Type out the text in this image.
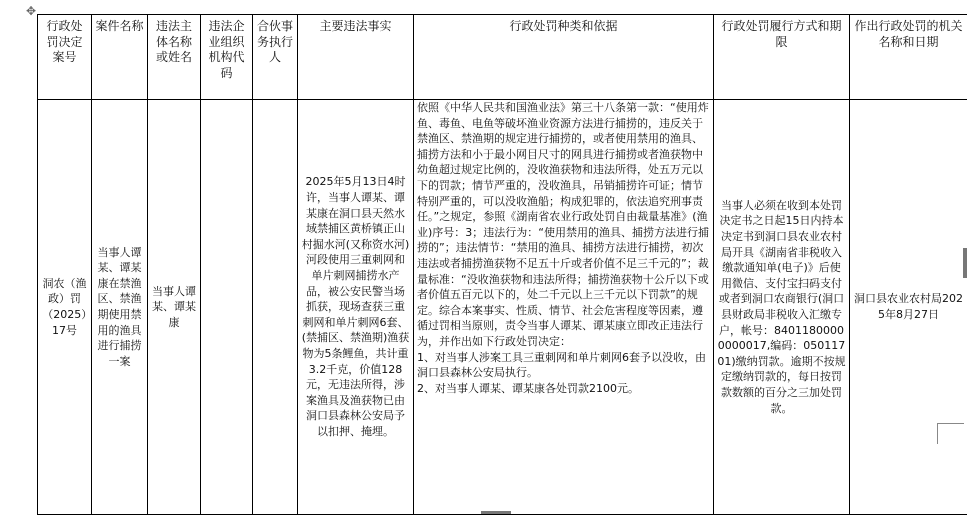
✥
行政处罚决定案号	案件名称	违法主体名称或姓名	违法企业组织机构代码	合伙事务执行人	主要违法事实	行政处罚种类和依据	行政处罚履行方式和期限	作出行政处罚的机关名称和日期
洞农（渔政）罚（2025）17号	当事人谭某、谭某康在禁渔区、禁渔期使用禁用的渔具进行捕捞一案	当事人谭某、谭某康			2025年5月13日4时许，当事人谭某、谭某康在洞口县天然水域禁捕区黄桥镇正山村掘水河(又称资水河)河段使用三重刺网和单片刺网捕捞水产品，被公安民警当场抓获，现场查获三重刺网和单片刺网6套、(禁捕区、禁渔期)渔获物为5条鲤鱼，共计重3.2千克，价值128元，无违法所得，涉案渔具及渔获物已由洞口县森林公安局予以扣押、掩埋。	依照《中华人民共和国渔业法》第三十八条第一款：“使用炸鱼、毒鱼、电鱼等破坏渔业资源方法进行捕捞的，违反关于禁渔区、禁渔期的规定进行捕捞的，或者使用禁用的渔具、捕捞方法和小于最小网目尺寸的网具进行捕捞或者渔获物中幼鱼超过规定比例的，没收渔获物和违法所得，处五万元以下的罚款；情节严重的，没收渔具，吊销捕捞许可证；情节特别严重的，可以没收渔船；构成犯罪的，依法追究刑事责任。”之规定，参照《湖南省农业行政处罚自由裁量基准》(渔业)序号：3；违法行为：“使用禁用的渔具、捕捞方法进行捕捞的”；违法情节：“禁用的渔具、捕捞方法进行捕捞，初次违法或者捕捞渔获物不足五十斤或者价值不足三千元的”；裁量标准：“没收渔获物和违法所得；捕捞渔获物十公斤以下或者价值五百元以下的，处二千元以上三千元以下罚款”的规定。综合本案事实、性质、情节、社会危害程度等因素，遵循过罚相当原则，责令当事人谭某、谭某康立即改正违法行为，并作出如下行政处罚决定：
1、对当事人涉案工具三重刺网和单片刺网6套予以没收，由洞口县森林公安局执行。
2、对当事人谭某、谭某康各处罚款2100元。	当事人必须在收到本处罚决定书之日起15日内持本决定书到洞口县农业农村局开具《湖南省非税收入缴款通知单(电子)》后使用微信、支付宝扫码支付或者到洞口农商银行(洞口县财政局非税收入汇缴专户，帐号：84011800000000017,编码：05011701)缴纳罚款。逾期不按规定缴纳罚款的，每日按罚款数额的百分之三加处罚款。	洞口县农业农村局2025年8月27日
